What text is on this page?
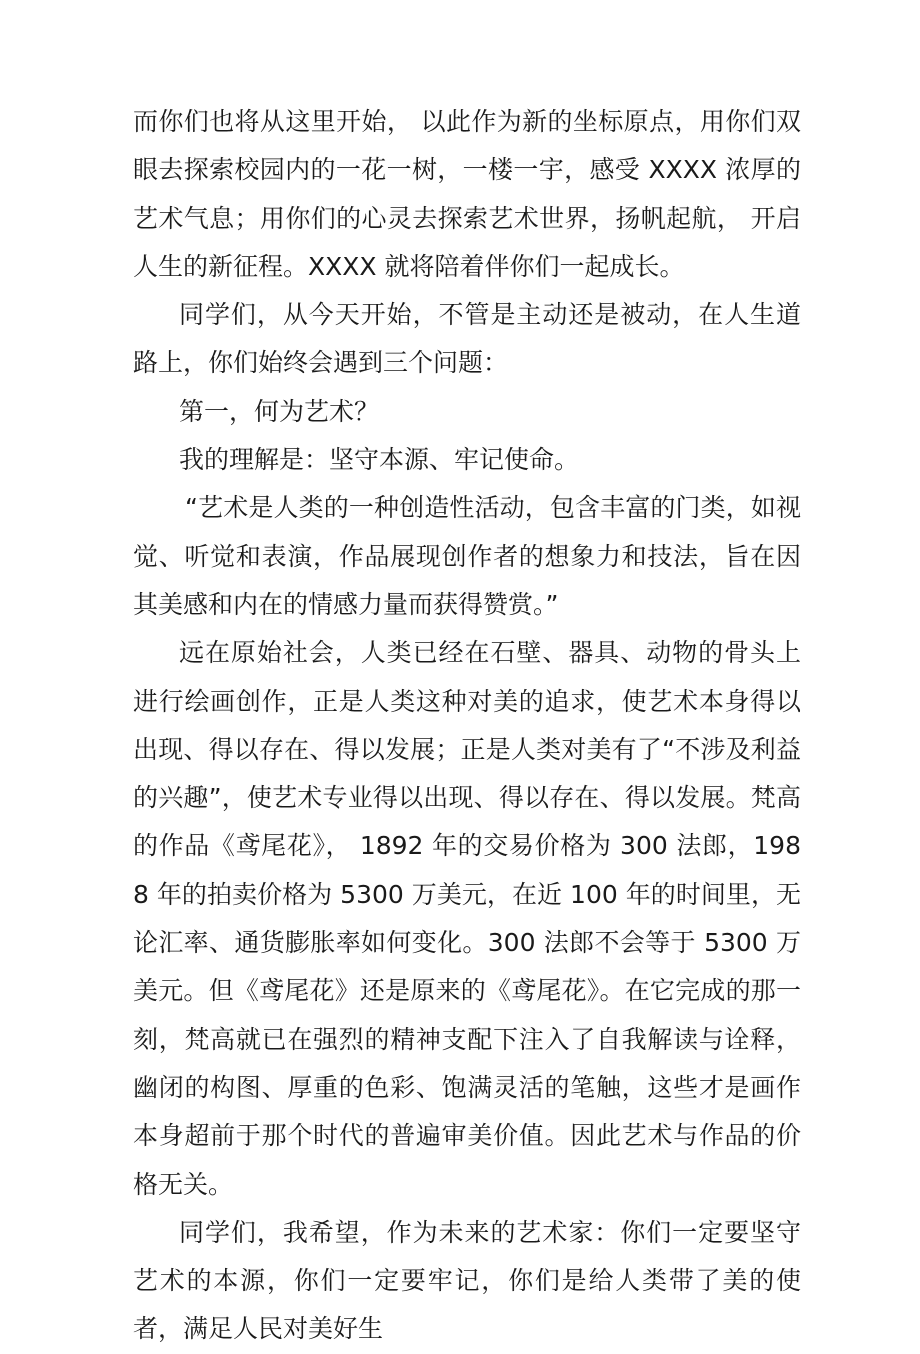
而你们也将从这里开始， 以此作为新的坐标原点，用你们双眼去探索校园内的一花一树，一楼一宇，感受 XXXX 浓厚的艺术气息；用你们的心灵去探索艺术世界，扬帆起航， 开启人生的新征程。XXXX 就将陪着伴你们一起成长。

同学们，从今天开始，不管是主动还是被动，在人生道路上，你们始终会遇到三个问题：

第一，何为艺术？

我的理解是：坚守本源、牢记使命。

“艺术是人类的一种创造性活动，包含丰富的门类，如视觉、听觉和表演，作品展现创作者的想象力和技法，旨在因其美感和内在的情感力量而获得赞赏。”

远在原始社会，人类已经在石壁、器具、动物的骨头上进行绘画创作，正是人类这种对美的追求，使艺术本身得以出现、得以存在、得以发展；正是人类对美有了“不涉及利益的兴趣”，使艺术专业得以出现、得以存在、得以发展。梵高的作品《鸢尾花》， 1892 年的交易价格为 300 法郎，1988 年的拍卖价格为 5300 万美元，在近 100 年的时间里，无论汇率、通货膨胀率如何变化。300 法郎不会等于 5300 万美元。但《鸢尾花》还是原来的《鸢尾花》。在它完成的那一刻，梵高就已在强烈的精神支配下注入了自我解读与诠释，幽闭的构图、厚重的色彩、饱满灵活的笔触，这些才是画作本身超前于那个时代的普遍审美价值。因此艺术与作品的价格无关。

同学们，我希望，作为未来的艺术家：你们一定要坚守艺术的本源，你们一定要牢记，你们是给人类带了美的使者，满足人民对美好生
